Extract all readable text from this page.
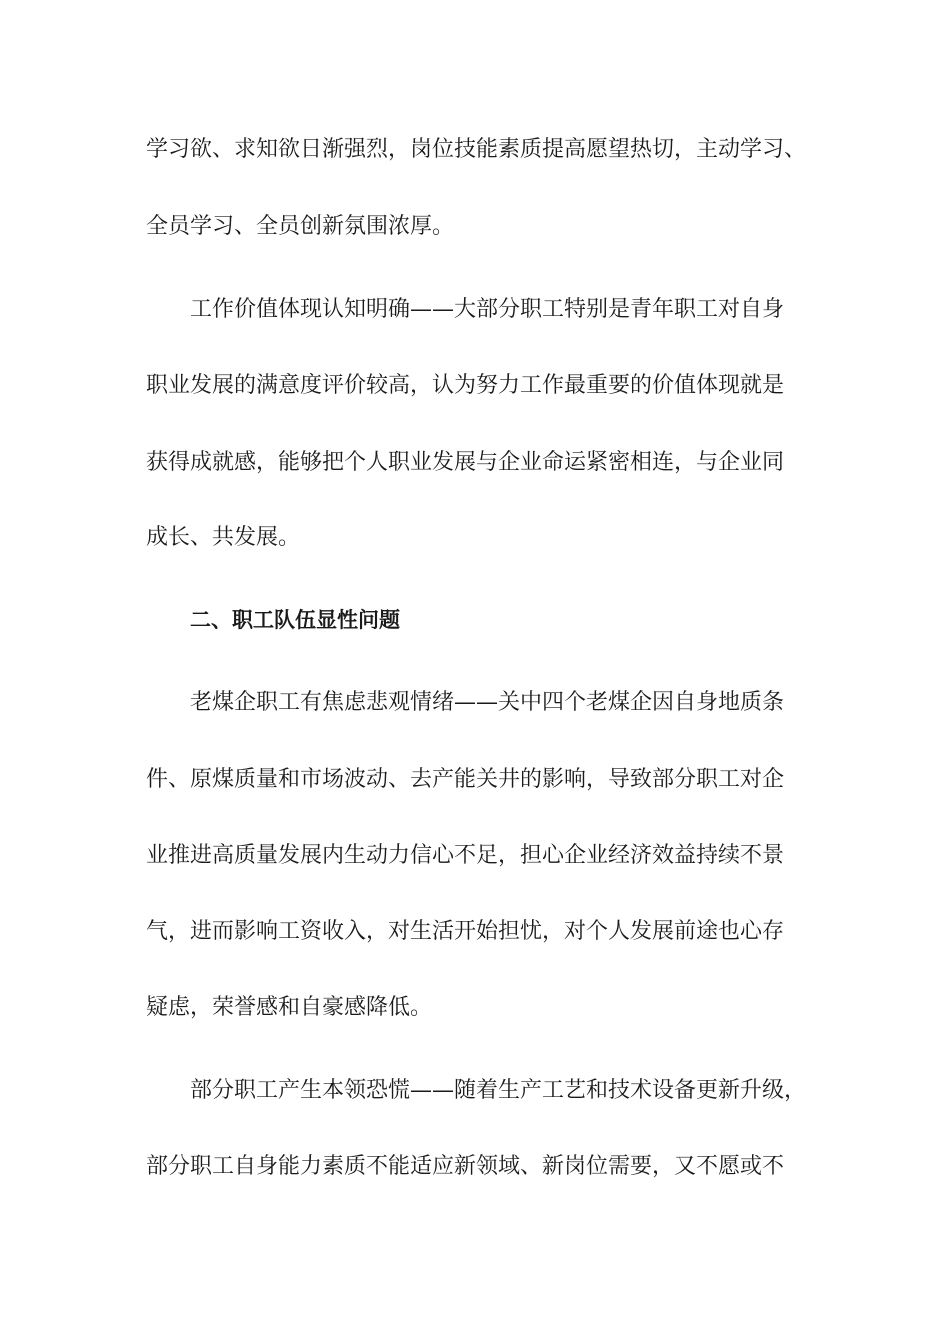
学习欲、求知欲日渐强烈，岗位技能素质提高愿望热切，主动学习、
全员学习、全员创新氛围浓厚。
工作价值体现认知明确——大部分职工特别是青年职工对自身
职业发展的满意度评价较高，认为努力工作最重要的价值体现就是
获得成就感，能够把个人职业发展与企业命运紧密相连，与企业同
成长、共发展。
二、职工队伍显性问题
老煤企职工有焦虑悲观情绪——关中四个老煤企因自身地质条
件、原煤质量和市场波动、去产能关井的影响，导致部分职工对企
业推进高质量发展内生动力信心不足，担心企业经济效益持续不景
气，进而影响工资收入，对生活开始担忧，对个人发展前途也心存
疑虑，荣誉感和自豪感降低。
部分职工产生本领恐慌——随着生产工艺和技术设备更新升级，
部分职工自身能力素质不能适应新领域、新岗位需要，又不愿或不
